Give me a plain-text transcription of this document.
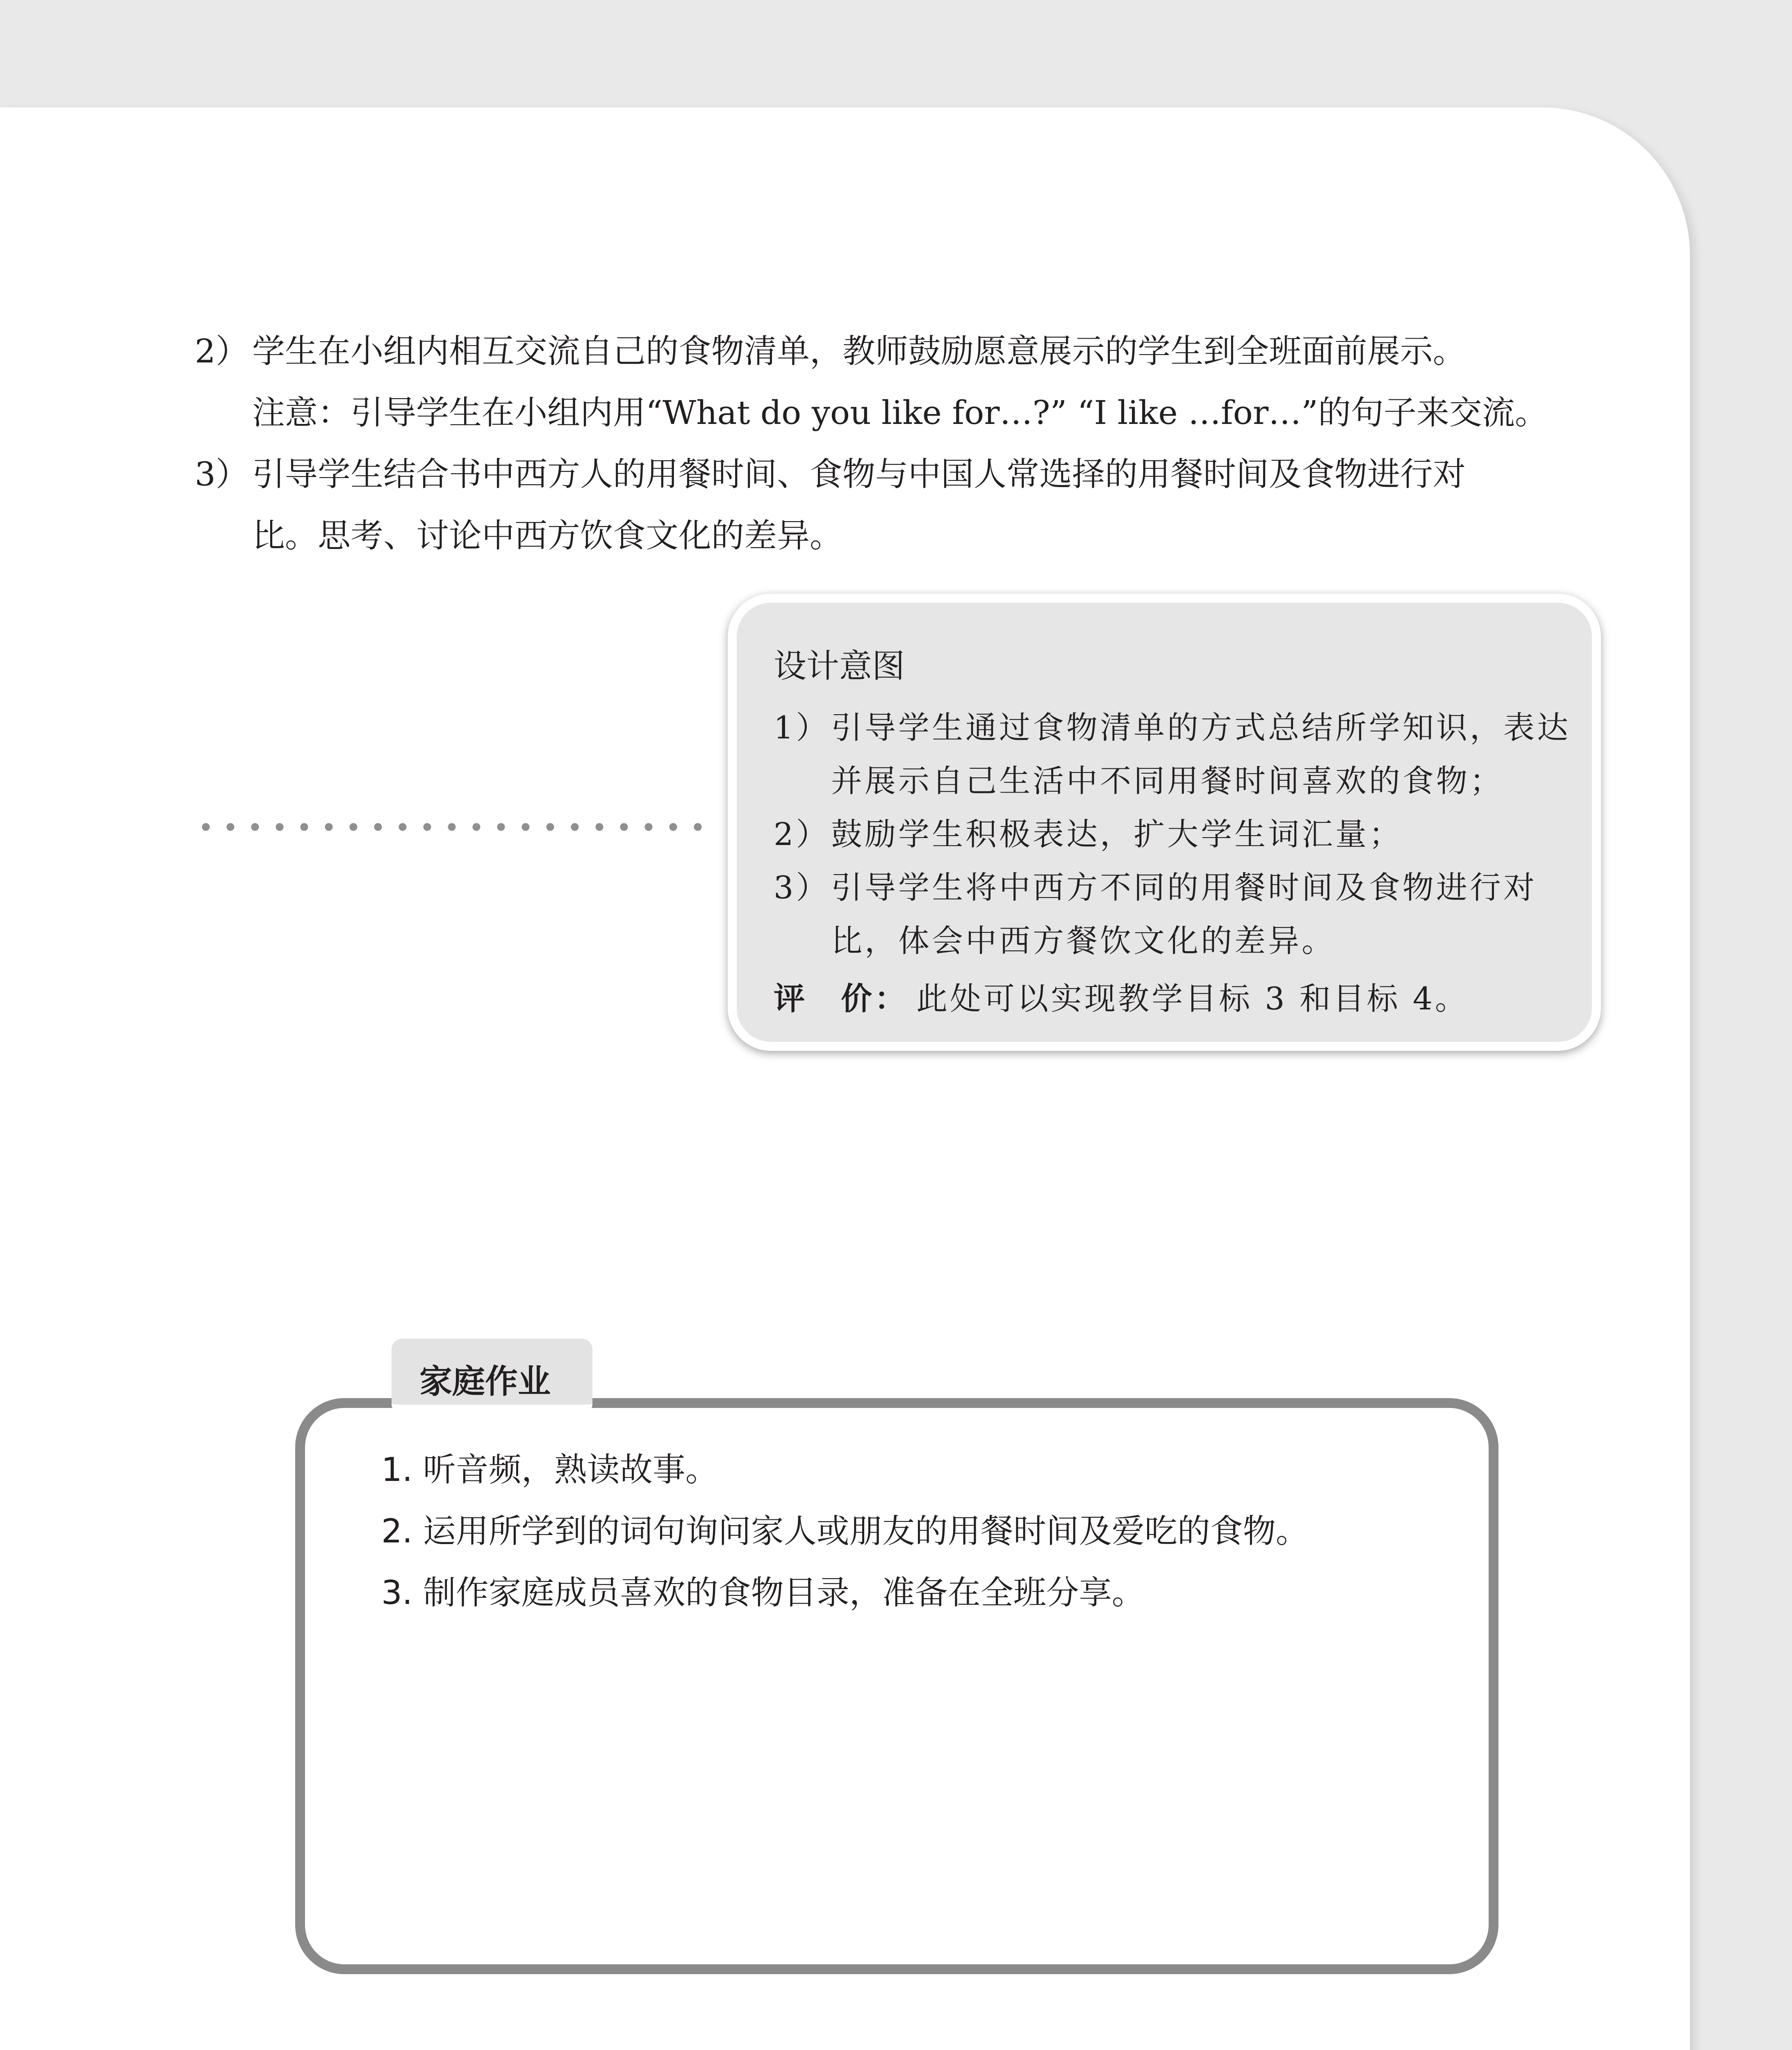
2） 学生在小组内相互交流自己的食物清单，教师鼓励愿意展示的学生到全班面前展示。
注意：引导学生在小组内用“What do you like for…?” “I like …for…”的句子来交流。
3） 引导学生结合书中西方人的用餐时间、食物与中国人常选择的用餐时间及食物进行对
比。思考、讨论中西方饮食文化的差异。
设计意图
1） 引导学生通过食物清单的方式总结所学知识，表达并展示自己生活中不同用餐时间喜欢的食物；
2） 鼓励学生积极表达，扩大学生词汇量；
3） 引导学生将中西方不同的用餐时间及食物进行对比，体会中西方餐饮文化的差异。
评　价： 此处可以实现教学目标 3 和目标 4。
家庭作业

1. 听音频，熟读故事。

2. 运用所学到的词句询问家人或朋友的用餐时间及爱吃的食物。

3. 制作家庭成员喜欢的食物目录，准备在全班分享。
